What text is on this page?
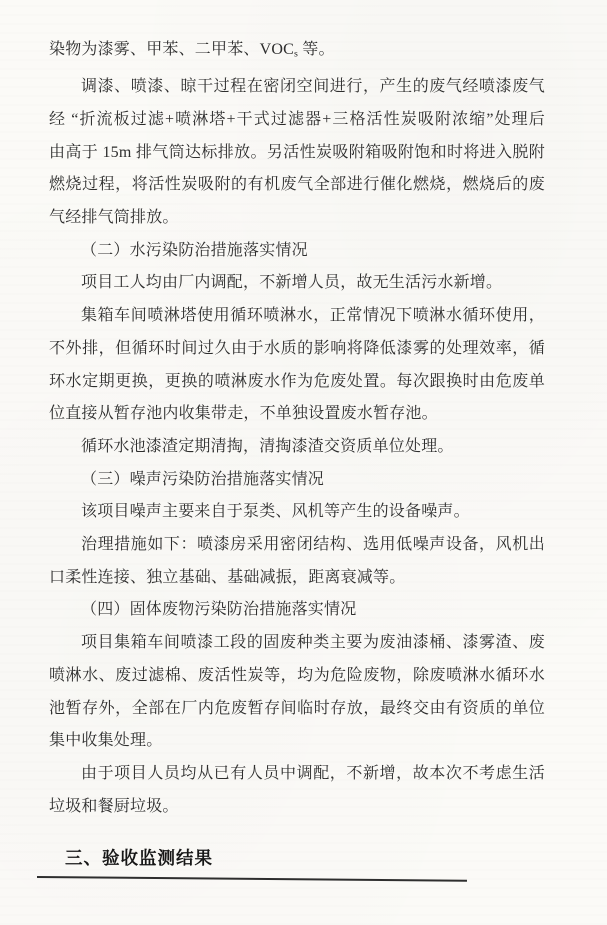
染物为漆雾、甲苯、二甲苯、$VOC_s$ 等。
调漆、喷漆、晾干过程在密闭空间进行，产生的废气经喷漆废气
经 “折流板过滤+喷淋塔+干式过滤器+三格活性炭吸附浓缩”处理后
由高于 15m 排气筒达标排放。另活性炭吸附箱吸附饱和时将进入脱附
燃烧过程，将活性炭吸附的有机废气全部进行催化燃烧，燃烧后的废
气经排气筒排放。
（二）水污染防治措施落实情况
项目工人均由厂内调配，不新增人员，故无生活污水新增。
集箱车间喷淋塔使用循环喷淋水，正常情况下喷淋水循环使用，
不外排，但循环时间过久由于水质的影响将降低漆雾的处理效率，循
环水定期更换，更换的喷淋废水作为危废处置。每次跟换时由危废单
位直接从暂存池内收集带走，不单独设置废水暂存池。
循环水池漆渣定期清掏，清掏漆渣交资质单位处理。
（三）噪声污染防治措施落实情况
该项目噪声主要来自于泵类、风机等产生的设备噪声。
治理措施如下：喷漆房采用密闭结构、选用低噪声设备，风机出
口柔性连接、独立基础、基础减振，距离衰减等。
（四）固体废物污染防治措施落实情况
项目集箱车间喷漆工段的固废种类主要为废油漆桶、漆雾渣、废
喷淋水、废过滤棉、废活性炭等，均为危险废物，除废喷淋水循环水
池暂存外，全部在厂内危废暂存间临时存放，最终交由有资质的单位
集中收集处理。
由于项目人员均从已有人员中调配，不新增，故本次不考虑生活
垃圾和餐厨垃圾。
三、验收监测结果
